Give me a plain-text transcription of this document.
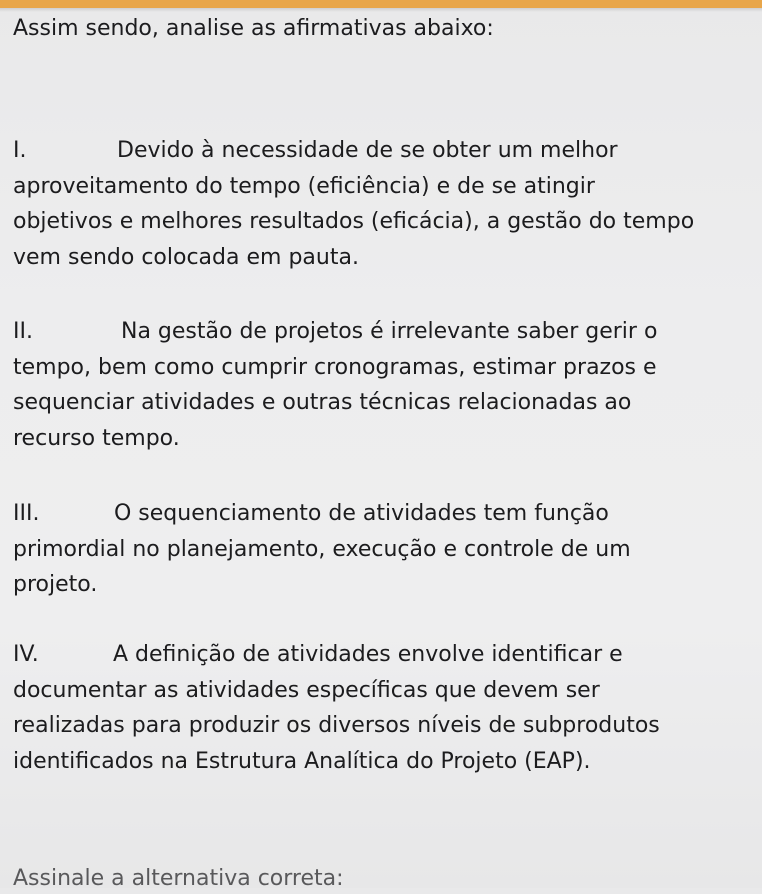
Assim sendo, analise as afirmativas abaixo:
I.	Devido à necessidade de se obter um melhor
aproveitamento do tempo (eficiência) e de se atingir
objetivos e melhores resultados (eficácia), a gestão do tempo
vem sendo colocada em pauta.
II.	Na gestão de projetos é irrelevante saber gerir o
tempo, bem como cumprir cronogramas, estimar prazos e
sequenciar atividades e outras técnicas relacionadas ao
recurso tempo.
III.	O sequenciamento de atividades tem função
primordial no planejamento, execução e controle de um
projeto.
IV.	A definição de atividades envolve identificar e
documentar as atividades específicas que devem ser
realizadas para produzir os diversos níveis de subprodutos
identificados na Estrutura Analítica do Projeto (EAP).
Assinale a alternativa correta:
